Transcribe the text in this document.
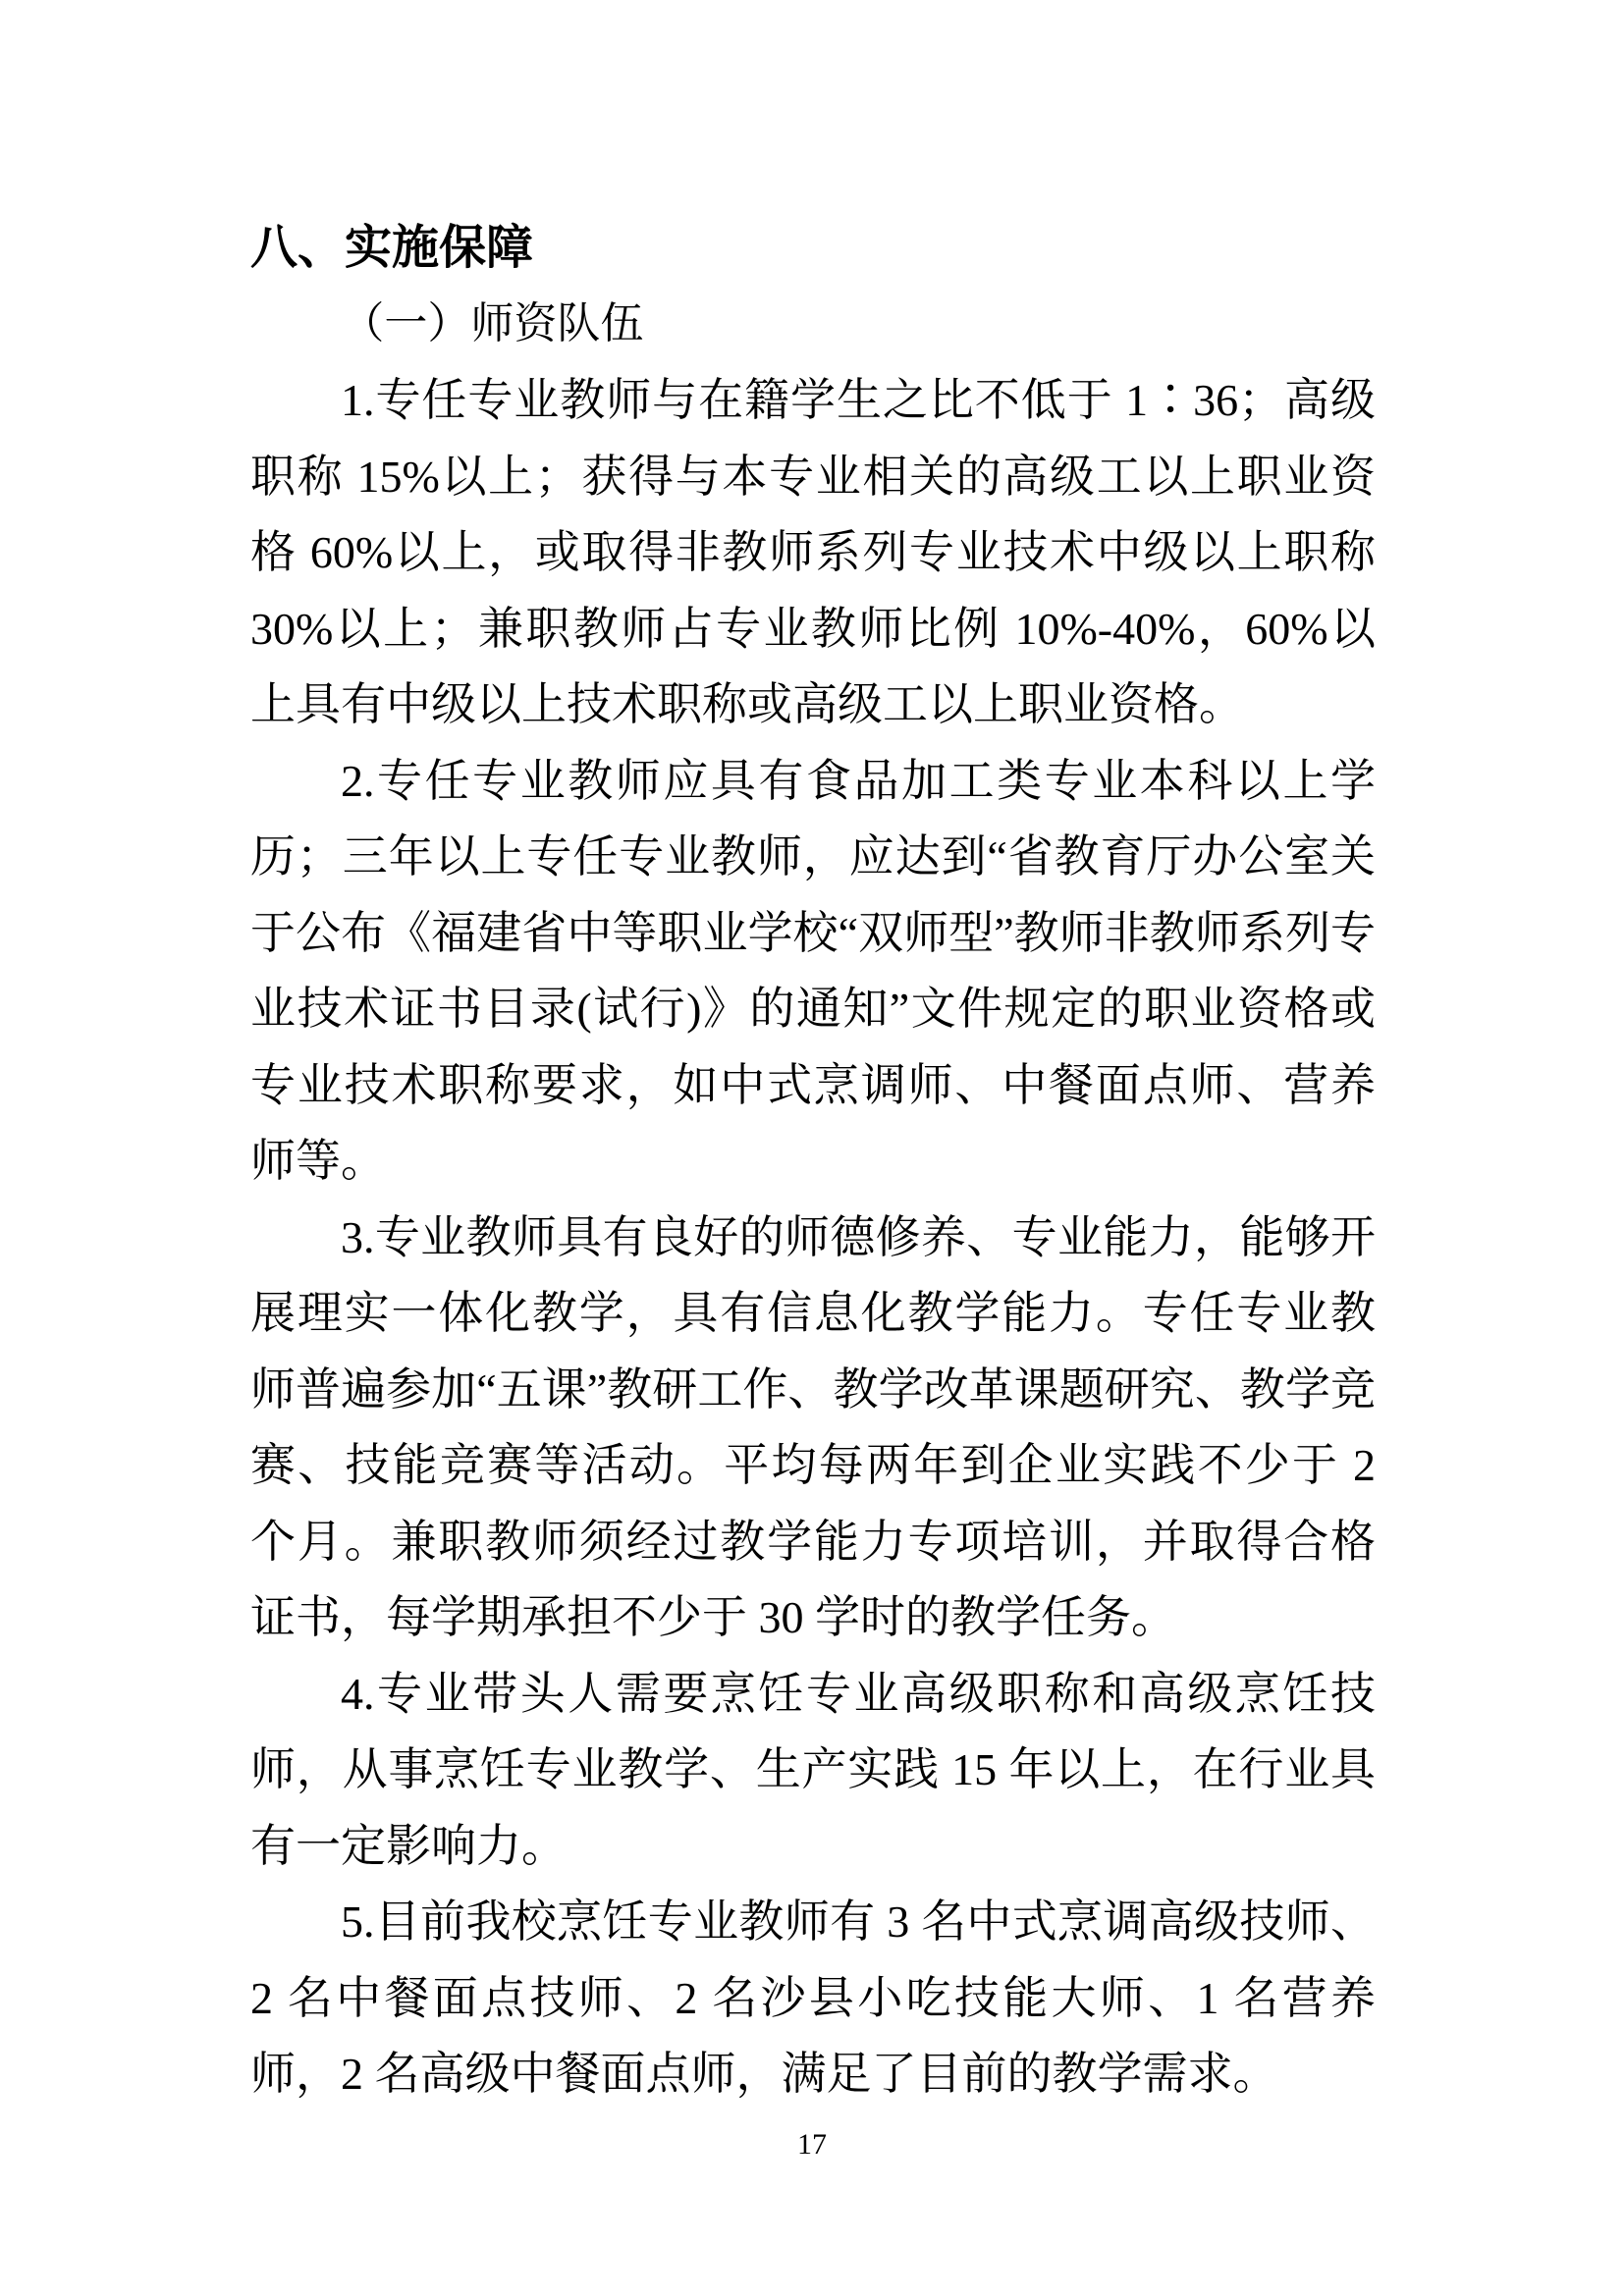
八、实施保障
（一）师资队伍

1.专任专业教师与在籍学生之比不低于 1∶36；高级职称 15%以上；获得与本专业相关的高级工以上职业资格 60%以上，或取得非教师系列专业技术中级以上职称 30%以上；兼职教师占专业教师比例 10%-40%，60%以上具有中级以上技术职称或高级工以上职业资格。

2.专任专业教师应具有食品加工类专业本科以上学历；三年以上专任专业教师，应达到“省教育厅办公室关于公布《福建省中等职业学校“双师型”教师非教师系列专业技术证书目录(试行)》的通知”文件规定的职业资格或专业技术职称要求，如中式烹调师、中餐面点师、营养师等。

3.专业教师具有良好的师德修养、专业能力，能够开展理实一体化教学，具有信息化教学能力。专任专业教师普遍参加“五课”教研工作、教学改革课题研究、教学竞赛、技能竞赛等活动。平均每两年到企业实践不少于 2 个月。兼职教师须经过教学能力专项培训，并取得合格证书，每学期承担不少于 30 学时的教学任务。

4.专业带头人需要烹饪专业高级职称和高级烹饪技师，从事烹饪专业教学、生产实践 15 年以上，在行业具有一定影响力。

5.目前我校烹饪专业教师有 3 名中式烹调高级技师、2 名中餐面点技师、2 名沙县小吃技能大师、1 名营养师，2 名高级中餐面点师，满足了目前的教学需求。

17
